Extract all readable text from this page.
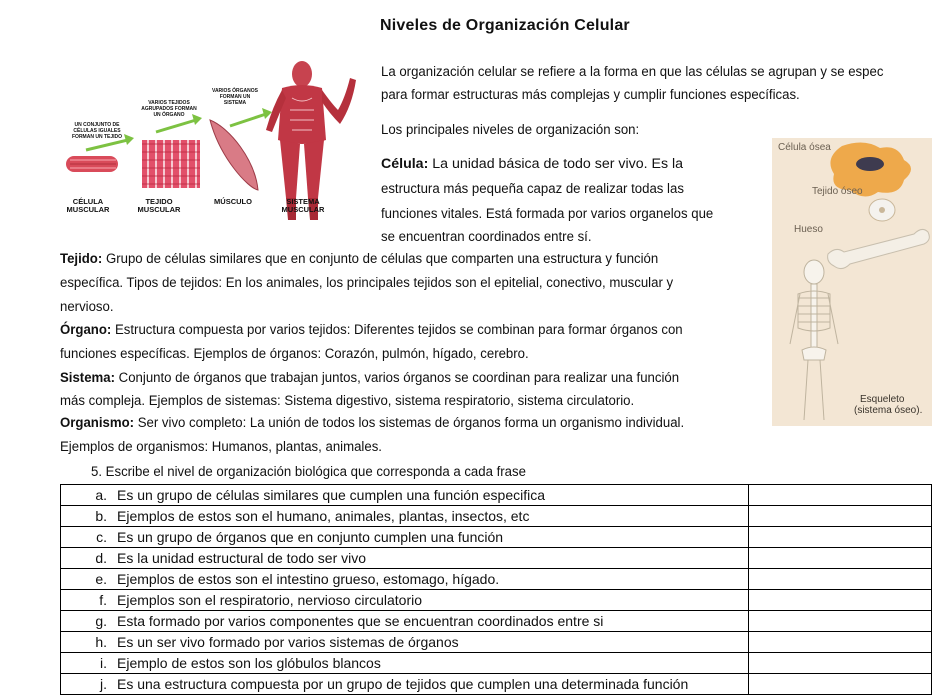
Niveles de Organización Celular
La organización celular se refiere a la forma en que las células se agrupan y se espec
para formar estructuras más complejas y cumplir funciones específicas.
Los principales niveles de organización son:
Célula: La unidad básica de todo ser vivo. Es la
estructura más pequeña capaz de realizar todas las
funciones vitales. Está formada por varios organelos que
se encuentran coordinados entre sí.
UN CONJUNTO DE CÉLULAS IGUALES FORMAN UN TEJIDO
VARIOS TEJIDOS AGRUPADOS FORMAN UN ÓRGANO
VARIOS ÓRGANOS FORMAN UN SISTEMA
CÉLULA MUSCULAR
TEJIDO MUSCULAR
MÚSCULO	SISTEMA MUSCULAR
Célula ósea
Tejido óseo
Hueso
Esqueleto
(sistema óseo).
Tejido: Grupo de células similares que en conjunto de células que comparten una estructura y función
específica. Tipos de tejidos: En los animales, los principales tejidos son el epitelial, conectivo, muscular y
nervioso.
Órgano: Estructura compuesta por varios tejidos: Diferentes tejidos se combinan para formar órganos con
funciones específicas. Ejemplos de órganos: Corazón, pulmón, hígado, cerebro.
Sistema: Conjunto de órganos que trabajan juntos, varios órganos se coordinan para realizar una función
más compleja. Ejemplos de sistemas: Sistema digestivo, sistema respiratorio, sistema circulatorio.
Organismo: Ser vivo completo: La unión de todos los sistemas de órganos forma un organismo individual.
Ejemplos de organismos: Humanos, plantas, animales.
5. Escribe el nivel de organización biológica que corresponda a cada frase
a. Es un grupo de células similares que cumplen una función especifica	
b. Ejemplos de estos son el humano, animales, plantas, insectos, etc	
c. Es un grupo de órganos que en conjunto cumplen una función	
d. Es la unidad estructural de todo ser vivo	
e. Ejemplos de estos son el intestino grueso, estomago, hígado.	
f. Ejemplos son el respiratorio, nervioso circulatorio	
g. Esta formado por varios componentes que se encuentran coordinados entre si	
h. Es un ser vivo formado por varios sistemas de órganos	
i. Ejemplo de estos son los glóbulos blancos	
j. Es una estructura compuesta por un grupo de tejidos que cumplen una determinada función	
